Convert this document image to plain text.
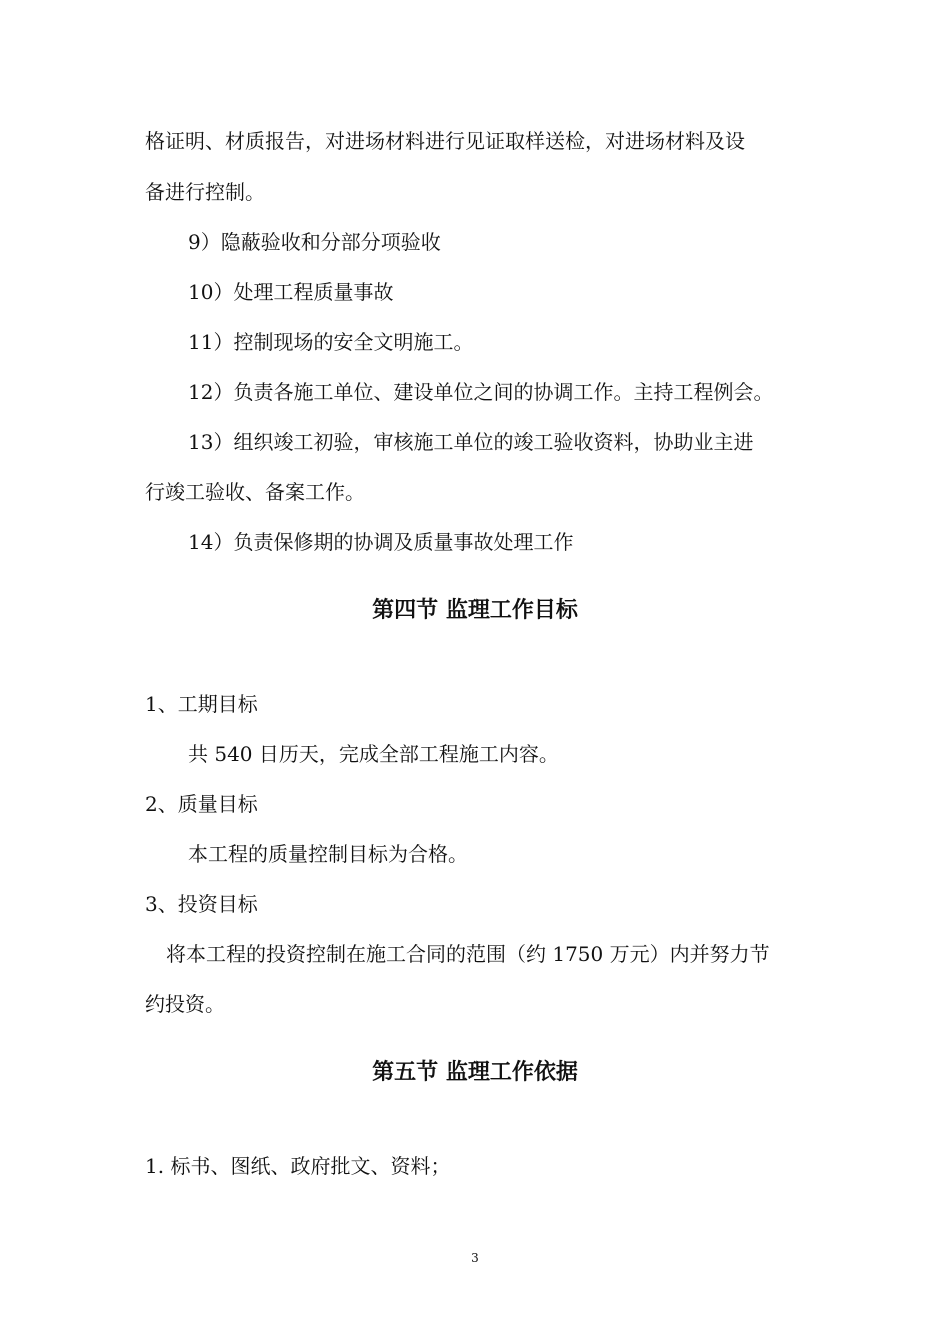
格证明、材质报告，对进场材料进行见证取样送检，对进场材料及设
备进行控制。
9）隐蔽验收和分部分项验收
10）处理工程质量事故
11）控制现场的安全文明施工。
12）负责各施工单位、建设单位之间的协调工作。主持工程例会。
13）组织竣工初验，审核施工单位的竣工验收资料，协助业主进
行竣工验收、备案工作。
14）负责保修期的协调及质量事故处理工作
第四节 监理工作目标
1、工期目标
共 540 日历天，完成全部工程施工内容。
2、质量目标
本工程的质量控制目标为合格。
3、投资目标
将本工程的投资控制在施工合同的范围（约 1750 万元）内并努力节
约投资。
第五节 监理工作依据
1. 标书、图纸、政府批文、资料；
3
